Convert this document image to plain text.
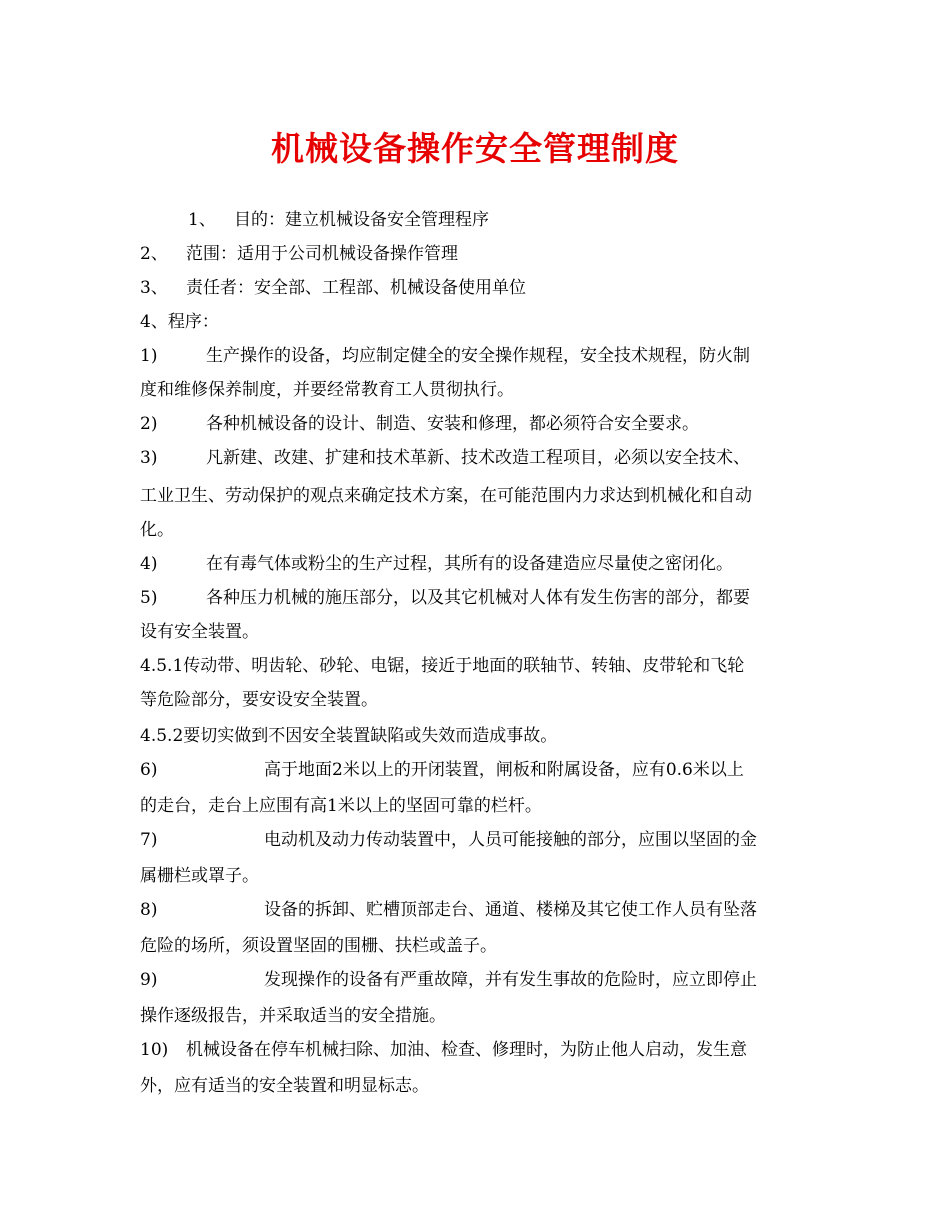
机械设备操作安全管理制度
1、 目的：建立机械设备安全管理程序
2、 范围：适用于公司机械设备操作管理
3、 责任者：安全部、工程部、机械设备使用单位
4、程序：
1)	生产操作的设备，均应制定健全的安全操作规程，安全技术规程，防火制
度和维修保养制度，并要经常教育工人贯彻执行。
2)	各种机械设备的设计、制造、安装和修理，都必须符合安全要求。
3)	凡新建、改建、扩建和技术革新、技术改造工程项目，必须以安全技术、
工业卫生、劳动保护的观点来确定技术方案，在可能范围内力求达到机械化和自动
化。
4)	在有毒气体或粉尘的生产过程，其所有的设备建造应尽量使之密闭化。
5)	各种压力机械的施压部分，以及其它机械对人体有发生伤害的部分，都要
设有安全装置。
4.5.1传动带、明齿轮、砂轮、电锯，接近于地面的联轴节、转轴、皮带轮和飞轮
等危险部分，要安设安全装置。
4.5.2要切实做到不因安全装置缺陷或失效而造成事故。
6)	高于地面2米以上的开闭装置，闸板和附属设备，应有0.6米以上
的走台，走台上应围有高1米以上的坚固可靠的栏杆。
7)	电动机及动力传动装置中，人员可能接触的部分，应围以坚固的金
属栅栏或罩子。
8)	设备的拆卸、贮槽顶部走台、通道、楼梯及其它使工作人员有坠落
危险的场所，须设置坚固的围栅、扶栏或盖子。
9)	发现操作的设备有严重故障，并有发生事故的危险时，应立即停止
操作逐级报告，并采取适当的安全措施。
10) 机械设备在停车机械扫除、加油、检查、修理时，为防止他人启动，发生意
外，应有适当的安全装置和明显标志。
